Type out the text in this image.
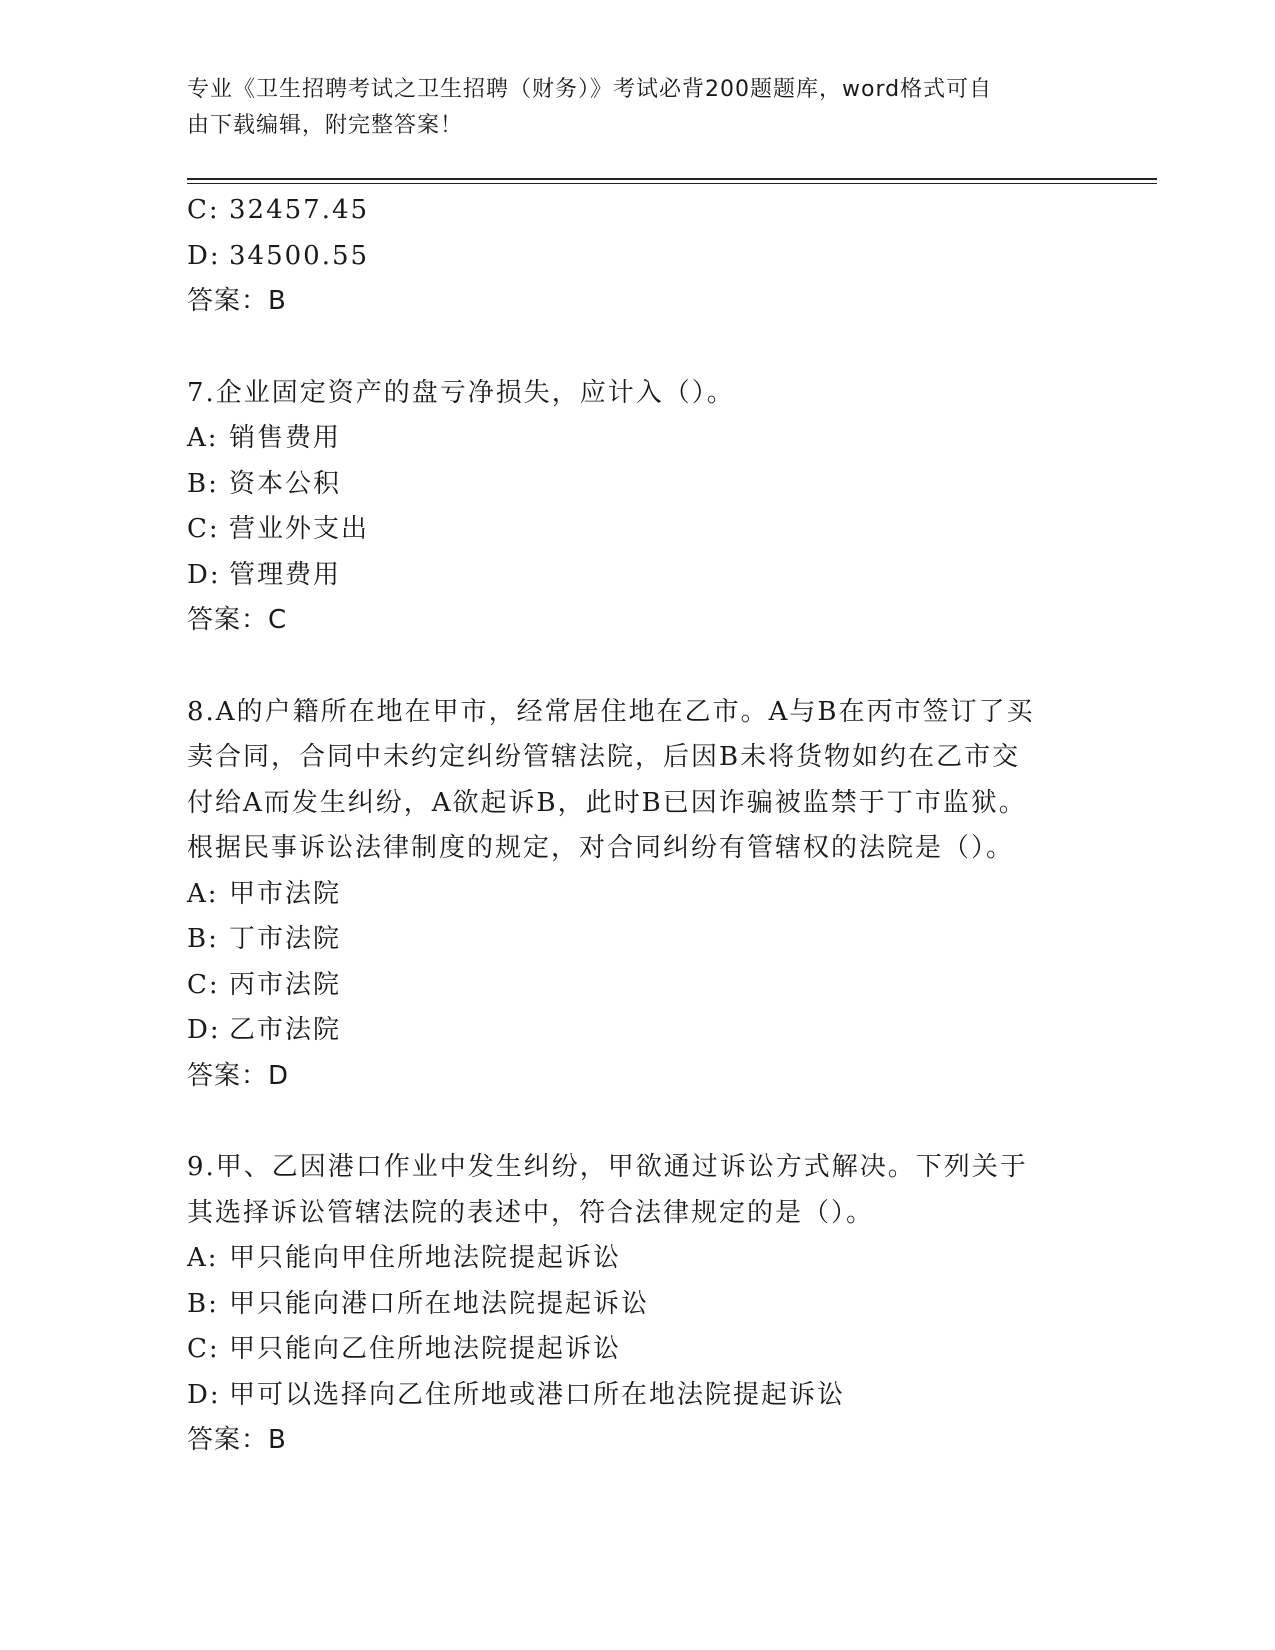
专业《卫生招聘考试之卫生招聘（财务）》考试必背200题题库，word格式可自
由下载编辑，附完整答案！
C: 32457.45
D: 34500.55
答案：B
7.企业固定资产的盘亏净损失，应计入（）。
A: 销售费用
B: 资本公积
C: 营业外支出
D: 管理费用
答案：C
8.A的户籍所在地在甲市，经常居住地在乙市。A与B在丙市签订了买
卖合同，合同中未约定纠纷管辖法院，后因B未将货物如约在乙市交
付给A而发生纠纷，A欲起诉B，此时B已因诈骗被监禁于丁市监狱。
根据民事诉讼法律制度的规定，对合同纠纷有管辖权的法院是（）。
A: 甲市法院
B: 丁市法院
C: 丙市法院
D: 乙市法院
答案：D
9.甲、乙因港口作业中发生纠纷，甲欲通过诉讼方式解决。下列关于
其选择诉讼管辖法院的表述中，符合法律规定的是（）。
A: 甲只能向甲住所地法院提起诉讼
B: 甲只能向港口所在地法院提起诉讼
C: 甲只能向乙住所地法院提起诉讼
D: 甲可以选择向乙住所地或港口所在地法院提起诉讼
答案：B
